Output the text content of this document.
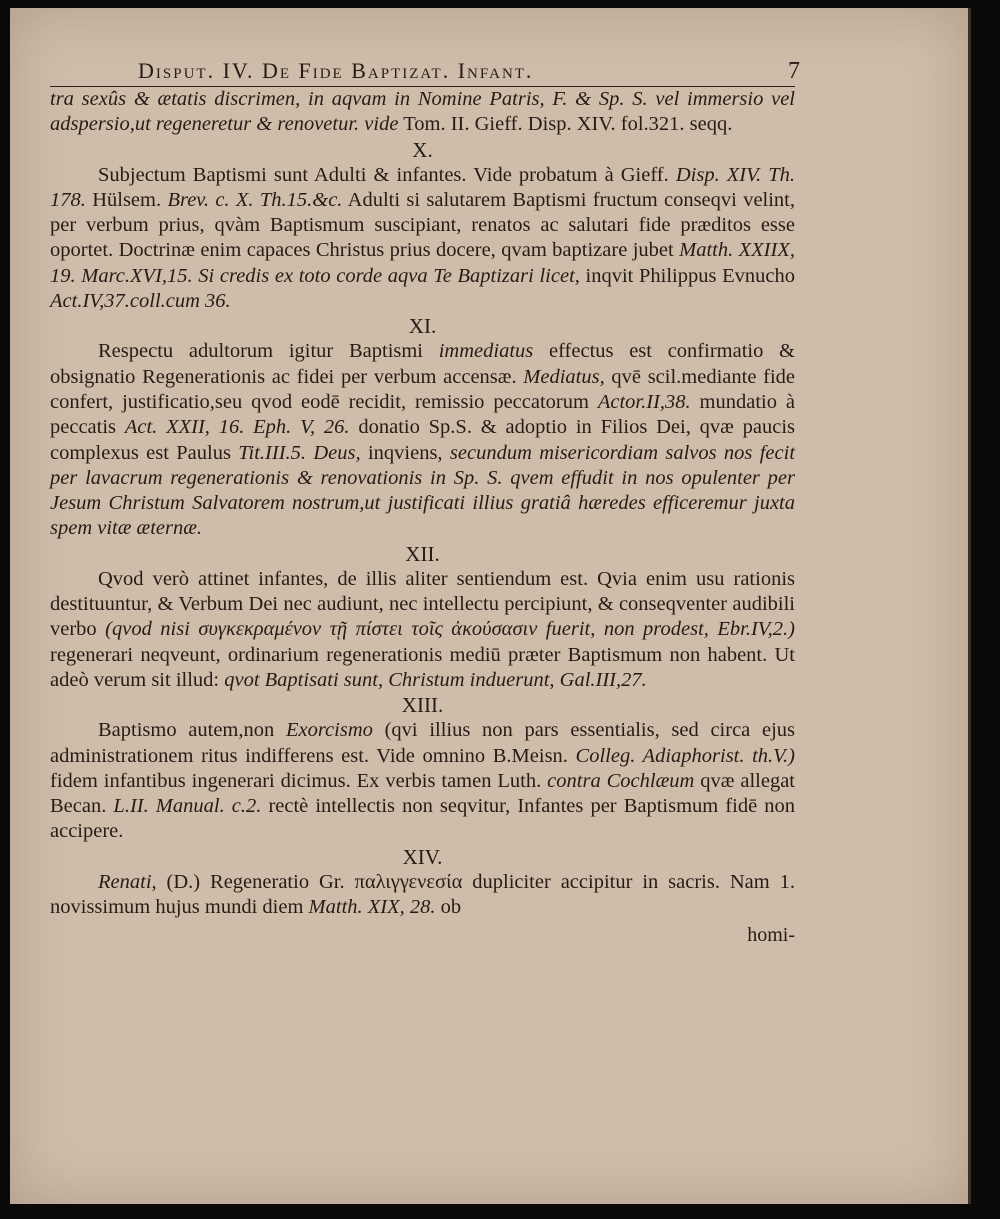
Disput. IV. De Fide Baptizat. Infant.	7

tra sexûs & ætatis discrimen, in aqvam in Nomine Patris, F. & Sp. S. vel immersio vel adspersio,ut regeneretur & renovetur. vide Tom. II. Gieff. Disp. XIV. fol.321. seqq.

X.

Subjectum Baptismi sunt Adulti & infantes. Vide probatum à Gieff. Disp. XIV. Th. 178. Hülsem. Brev. c. X. Th.15.&c. Adulti si salutarem Baptismi fructum conseqvi velint, per verbum prius, qvàm Baptismum suscipiant, renatos ac salutari fide præditos esse oportet. Doctrinæ enim capaces Christus prius docere, qvam baptizare jubet Matth. XXIIX, 19. Marc.XVI,15. Si credis ex toto corde aqva Te Baptizari licet, inqvit Philippus Evnucho Act.IV,37.coll.cum 36.

XI.

Respectu adultorum igitur Baptismi immediatus effectus est confirmatio & obsignatio Regenerationis ac fidei per verbum accensæ. Mediatus, qvē scil.mediante fide confert, justificatio,seu qvod eodē recidit, remissio peccatorum Actor.II,38. mundatio à peccatis Act. XXII, 16. Eph. V, 26. donatio Sp.S. & adoptio in Filios Dei, qvæ paucis complexus est Paulus Tit.III.5. Deus, inqviens, secundum misericordiam salvos nos fecit per lavacrum regenerationis & renovationis in Sp. S. qvem effudit in nos opulenter per Jesum Christum Salvatorem nostrum,ut justificati illius gratiâ hæredes efficeremur juxta spem vitæ æternæ.

XII.

Qvod verò attinet infantes, de illis aliter sentiendum est. Qvia enim usu rationis destituuntur, & Verbum Dei nec audiunt, nec intellectu percipiunt, & conseqventer audibili verbo (qvod nisi συγκεκραμένον τῇ πίστει τοῖς ἀκούσασιν fuerit, non prodest, Ebr.IV,2.) regenerari neqveunt, ordinarium regenerationis mediū præter Baptismum non habent. Ut adeò verum sit illud: qvot Baptisati sunt, Christum induerunt, Gal.III,27.

XIII.

Baptismo autem,non Exorcismo (qvi illius non pars essentialis, sed circa ejus administrationem ritus indifferens est. Vide omnino B.Meisn. Colleg. Adiaphorist. th.V.) fidem infantibus ingenerari dicimus. Ex verbis tamen Luth. contra Cochlæum qvæ allegat Becan. L.II. Manual. c.2. rectè intellectis non seqvitur, Infantes per Baptismum fidē non accipere.

XIV.

Renati, (D.) Regeneratio Gr. παλιγγενεσία dupliciter accipitur in sacris. Nam 1. novissimum hujus mundi diem Matth. XIX, 28. ob

homi-
